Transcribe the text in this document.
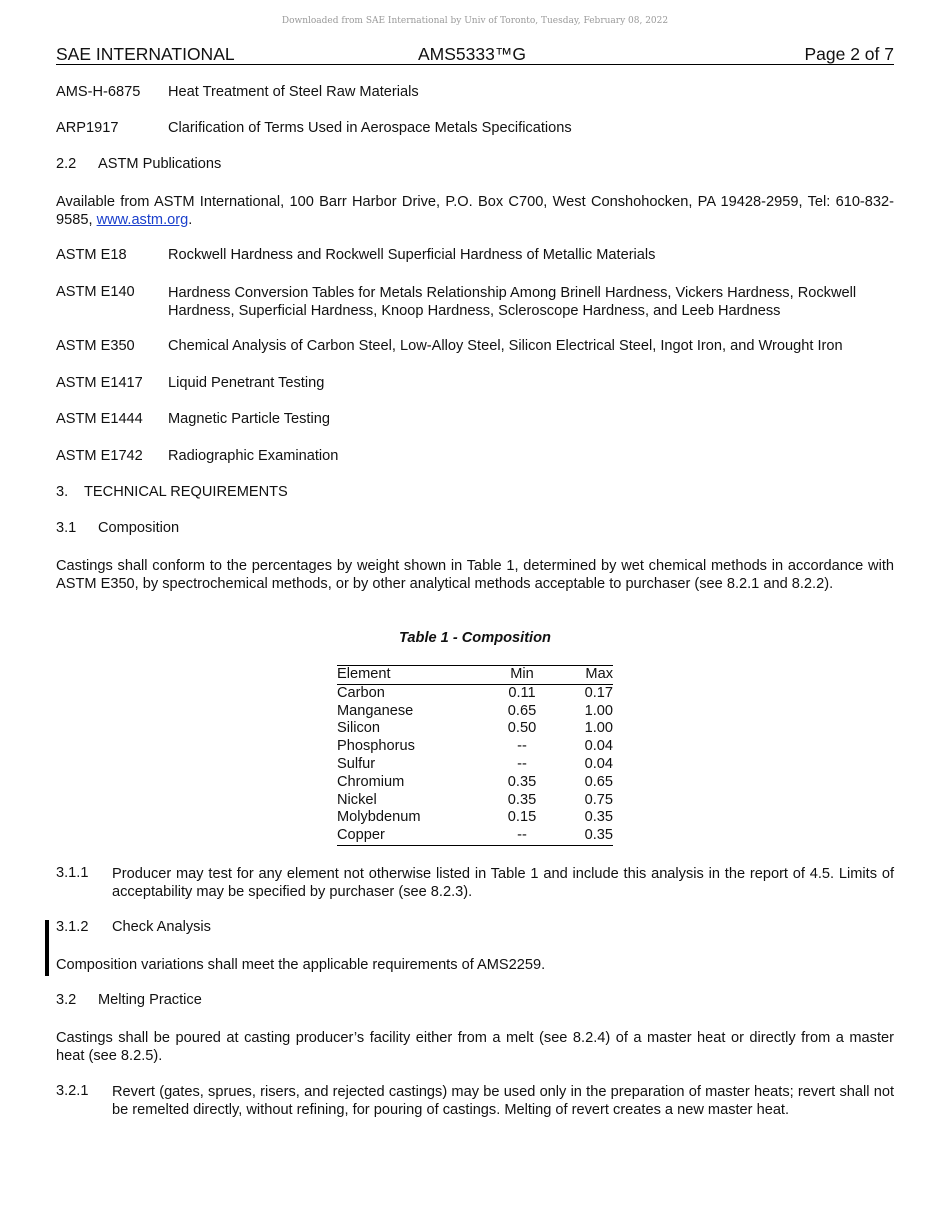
Downloaded from SAE International by Univ of Toronto, Tuesday, February 08, 2022
SAE INTERNATIONAL	AMS5333™G	Page 2 of 7
AMS-H-6875 Heat Treatment of Steel Raw Materials
ARP1917	Clarification of Terms Used in Aerospace Metals Specifications
2.2 ASTM Publications
Available from ASTM International, 100 Barr Harbor Drive, P.O. Box C700, West Conshohocken, PA 19428-2959, Tel: 610-832-9585, www.astm.org.
ASTM E18	Rockwell Hardness and Rockwell Superficial Hardness of Metallic Materials
ASTM E140 Hardness Conversion Tables for Metals Relationship Among Brinell Hardness, Vickers Hardness, Rockwell Hardness, Superficial Hardness, Knoop Hardness, Scleroscope Hardness, and Leeb Hardness
ASTM E350 Chemical Analysis of Carbon Steel, Low-Alloy Steel, Silicon Electrical Steel, Ingot Iron, and Wrought Iron
ASTM E1417 Liquid Penetrant Testing
ASTM E1444 Magnetic Particle Testing
ASTM E1742 Radiographic Examination
3. TECHNICAL REQUIREMENTS
3.1 Composition
Castings shall conform to the percentages by weight shown in Table 1, determined by wet chemical methods in accordance with ASTM E350, by spectrochemical methods, or by other analytical methods acceptable to purchaser (see 8.2.1 and 8.2.2).
Table 1 - Composition
Element	Min	Max
Carbon	0.11	0.17
Manganese	0.65	1.00
Silicon	0.50	1.00
Phosphorus	--	0.04
Sulfur	--	0.04
Chromium	0.35	0.65
Nickel	0.35	0.75
Molybdenum	0.15	0.35
Copper	--	0.35
3.1.1 Producer may test for any element not otherwise listed in Table 1 and include this analysis in the report of 4.5. Limits of acceptability may be specified by purchaser (see 8.2.3).
3.1.2 Check Analysis
Composition variations shall meet the applicable requirements of AMS2259.
3.2 Melting Practice
Castings shall be poured at casting producer’s facility either from a melt (see 8.2.4) of a master heat or directly from a master heat (see 8.2.5).
3.2.1 Revert (gates, sprues, risers, and rejected castings) may be used only in the preparation of master heats; revert shall not be remelted directly, without refining, for pouring of castings. Melting of revert creates a new master heat.
